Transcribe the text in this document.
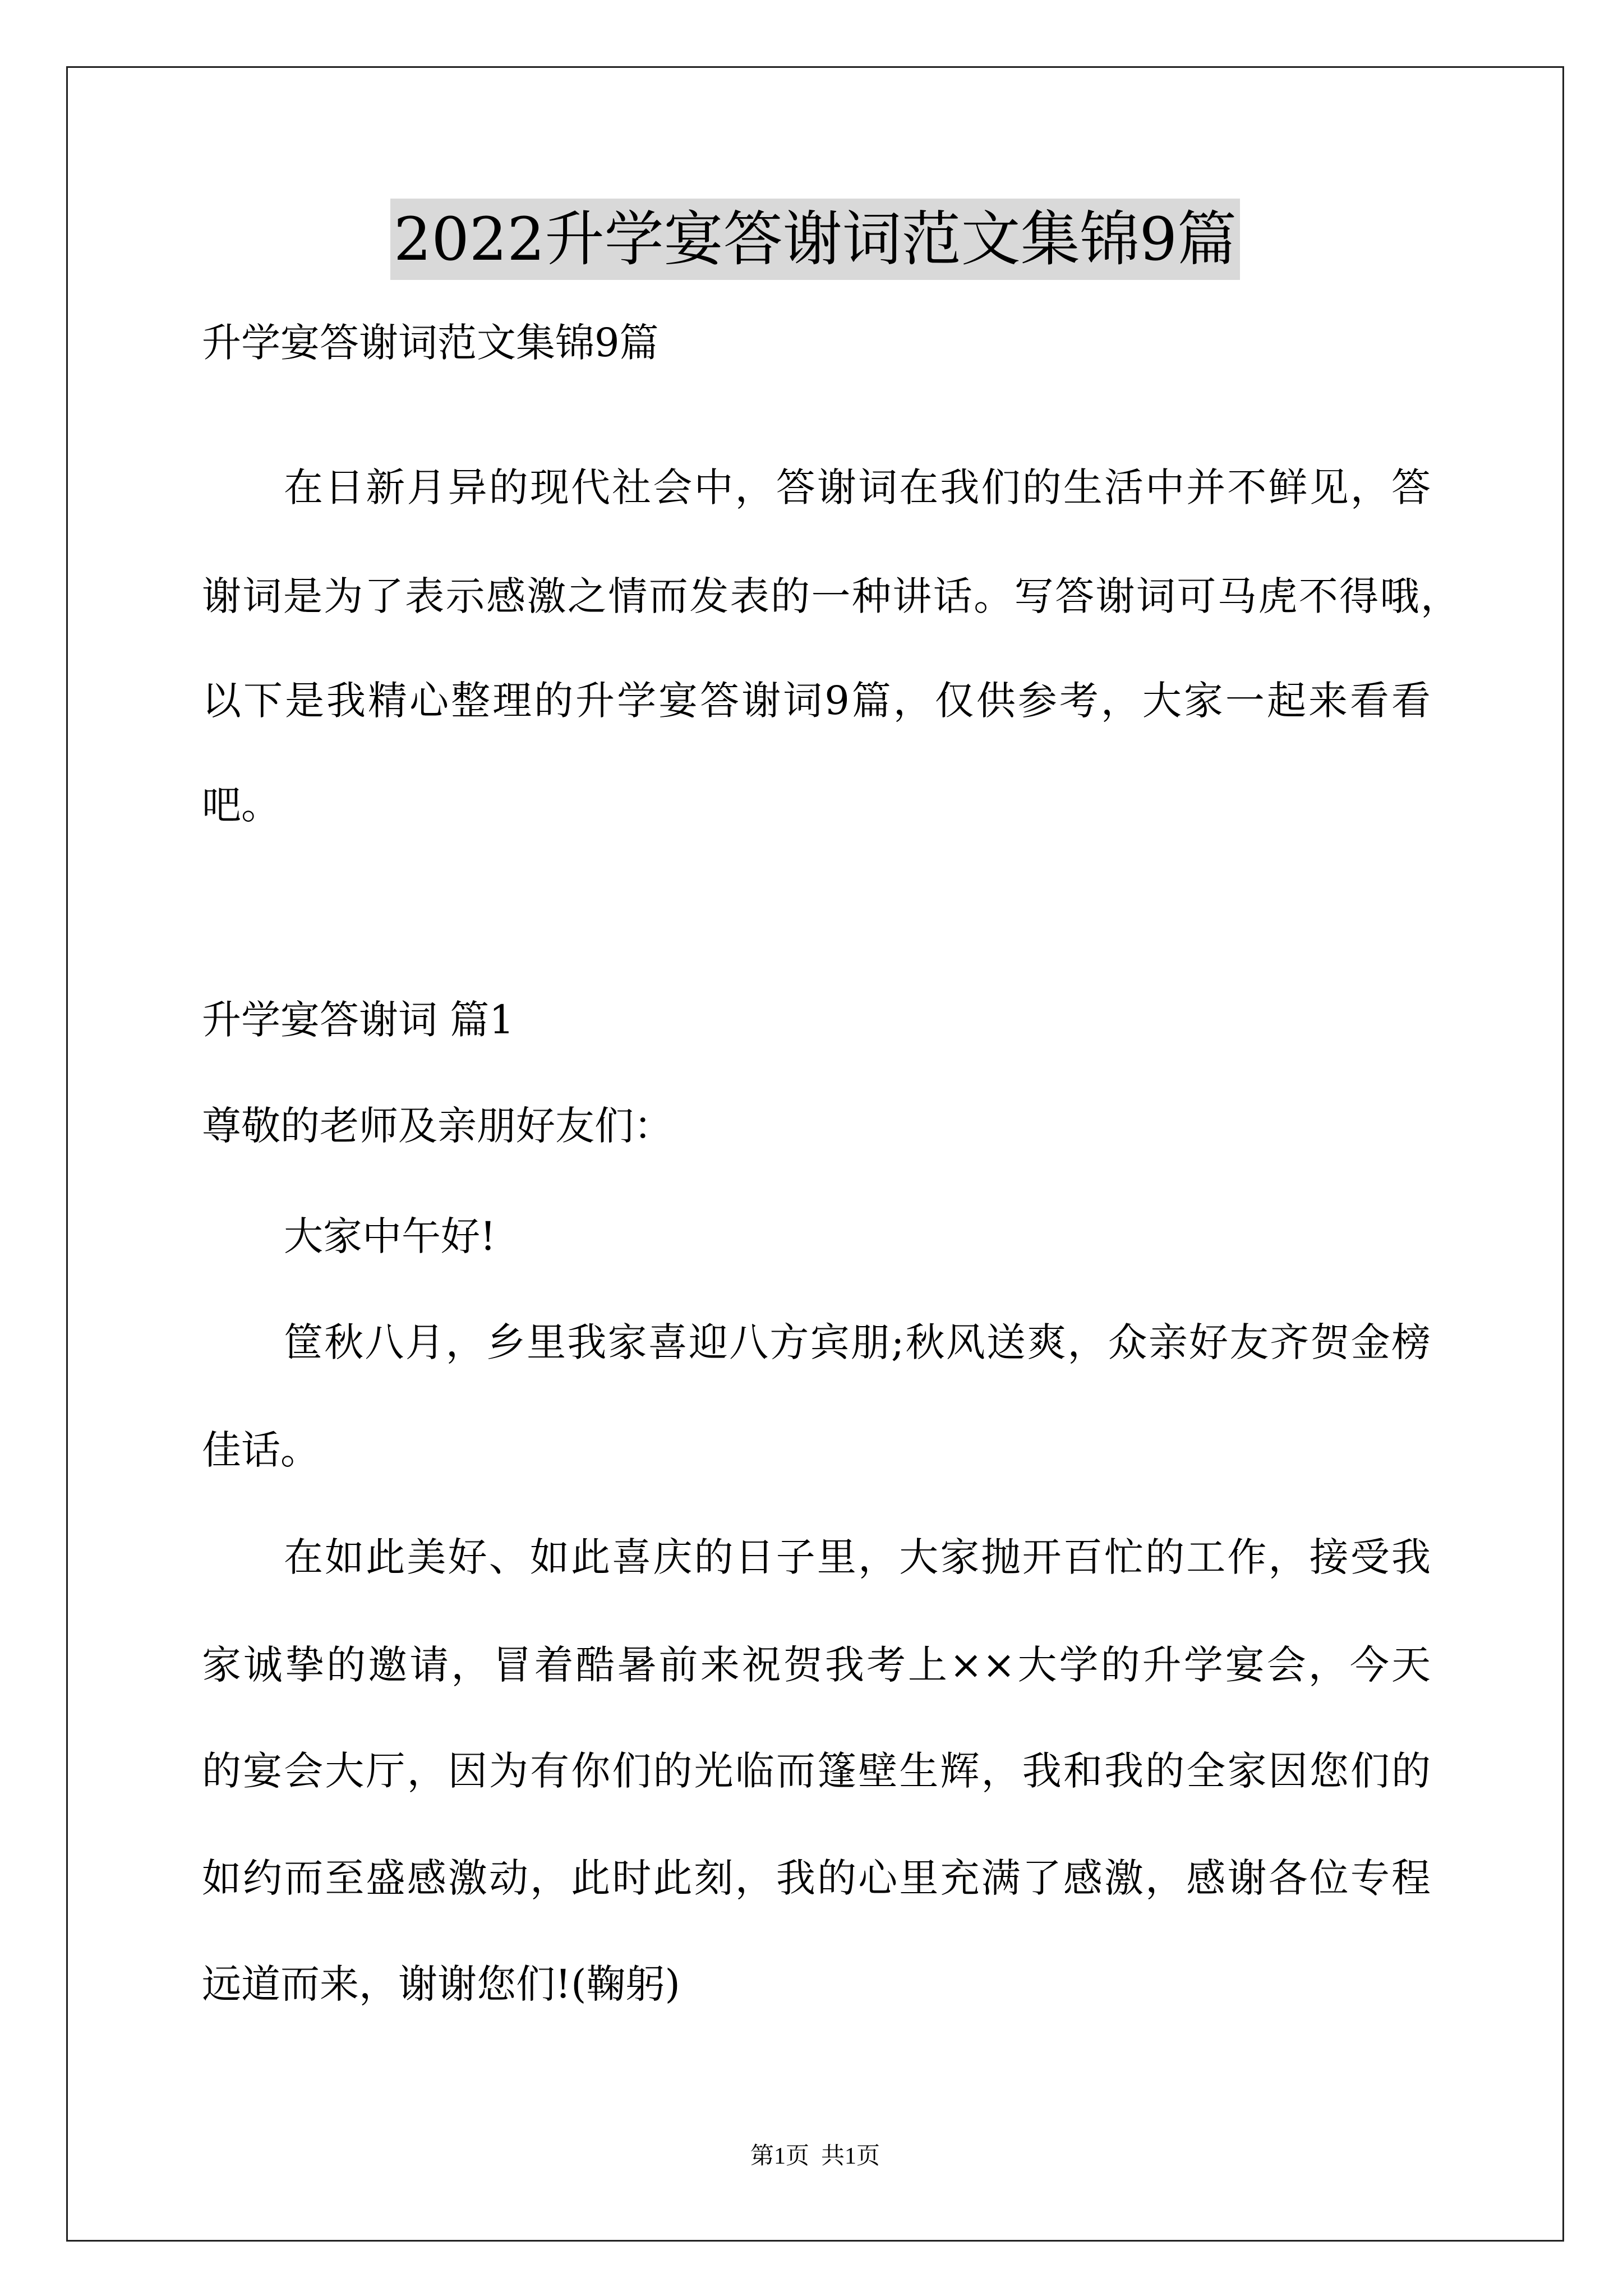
2022升学宴答谢词范文集锦9篇
升学宴答谢词范文集锦9篇
在日新月异的现代社会中，答谢词在我们的生活中并不鲜见，答
谢词是为了表示感激之情而发表的一种讲话。写答谢词可马虎不得哦，
以下是我精心整理的升学宴答谢词9篇，仅供参考，大家一起来看看
吧。
升学宴答谢词 篇1
尊敬的老师及亲朋好友们：
大家中午好!
筐秋八月，乡里我家喜迎八方宾朋;秋风送爽，众亲好友齐贺金榜
佳话。
在如此美好、如此喜庆的日子里，大家抛开百忙的工作，接受我
家诚挚的邀请，冒着酷暑前来祝贺我考上××大学的升学宴会，今天
的宴会大厅，因为有你们的光临而篷壁生辉，我和我的全家因您们的
如约而至盛感激动，此时此刻，我的心里充满了感激，感谢各位专程
远道而来，谢谢您们!(鞠躬)
第1页  共1页
